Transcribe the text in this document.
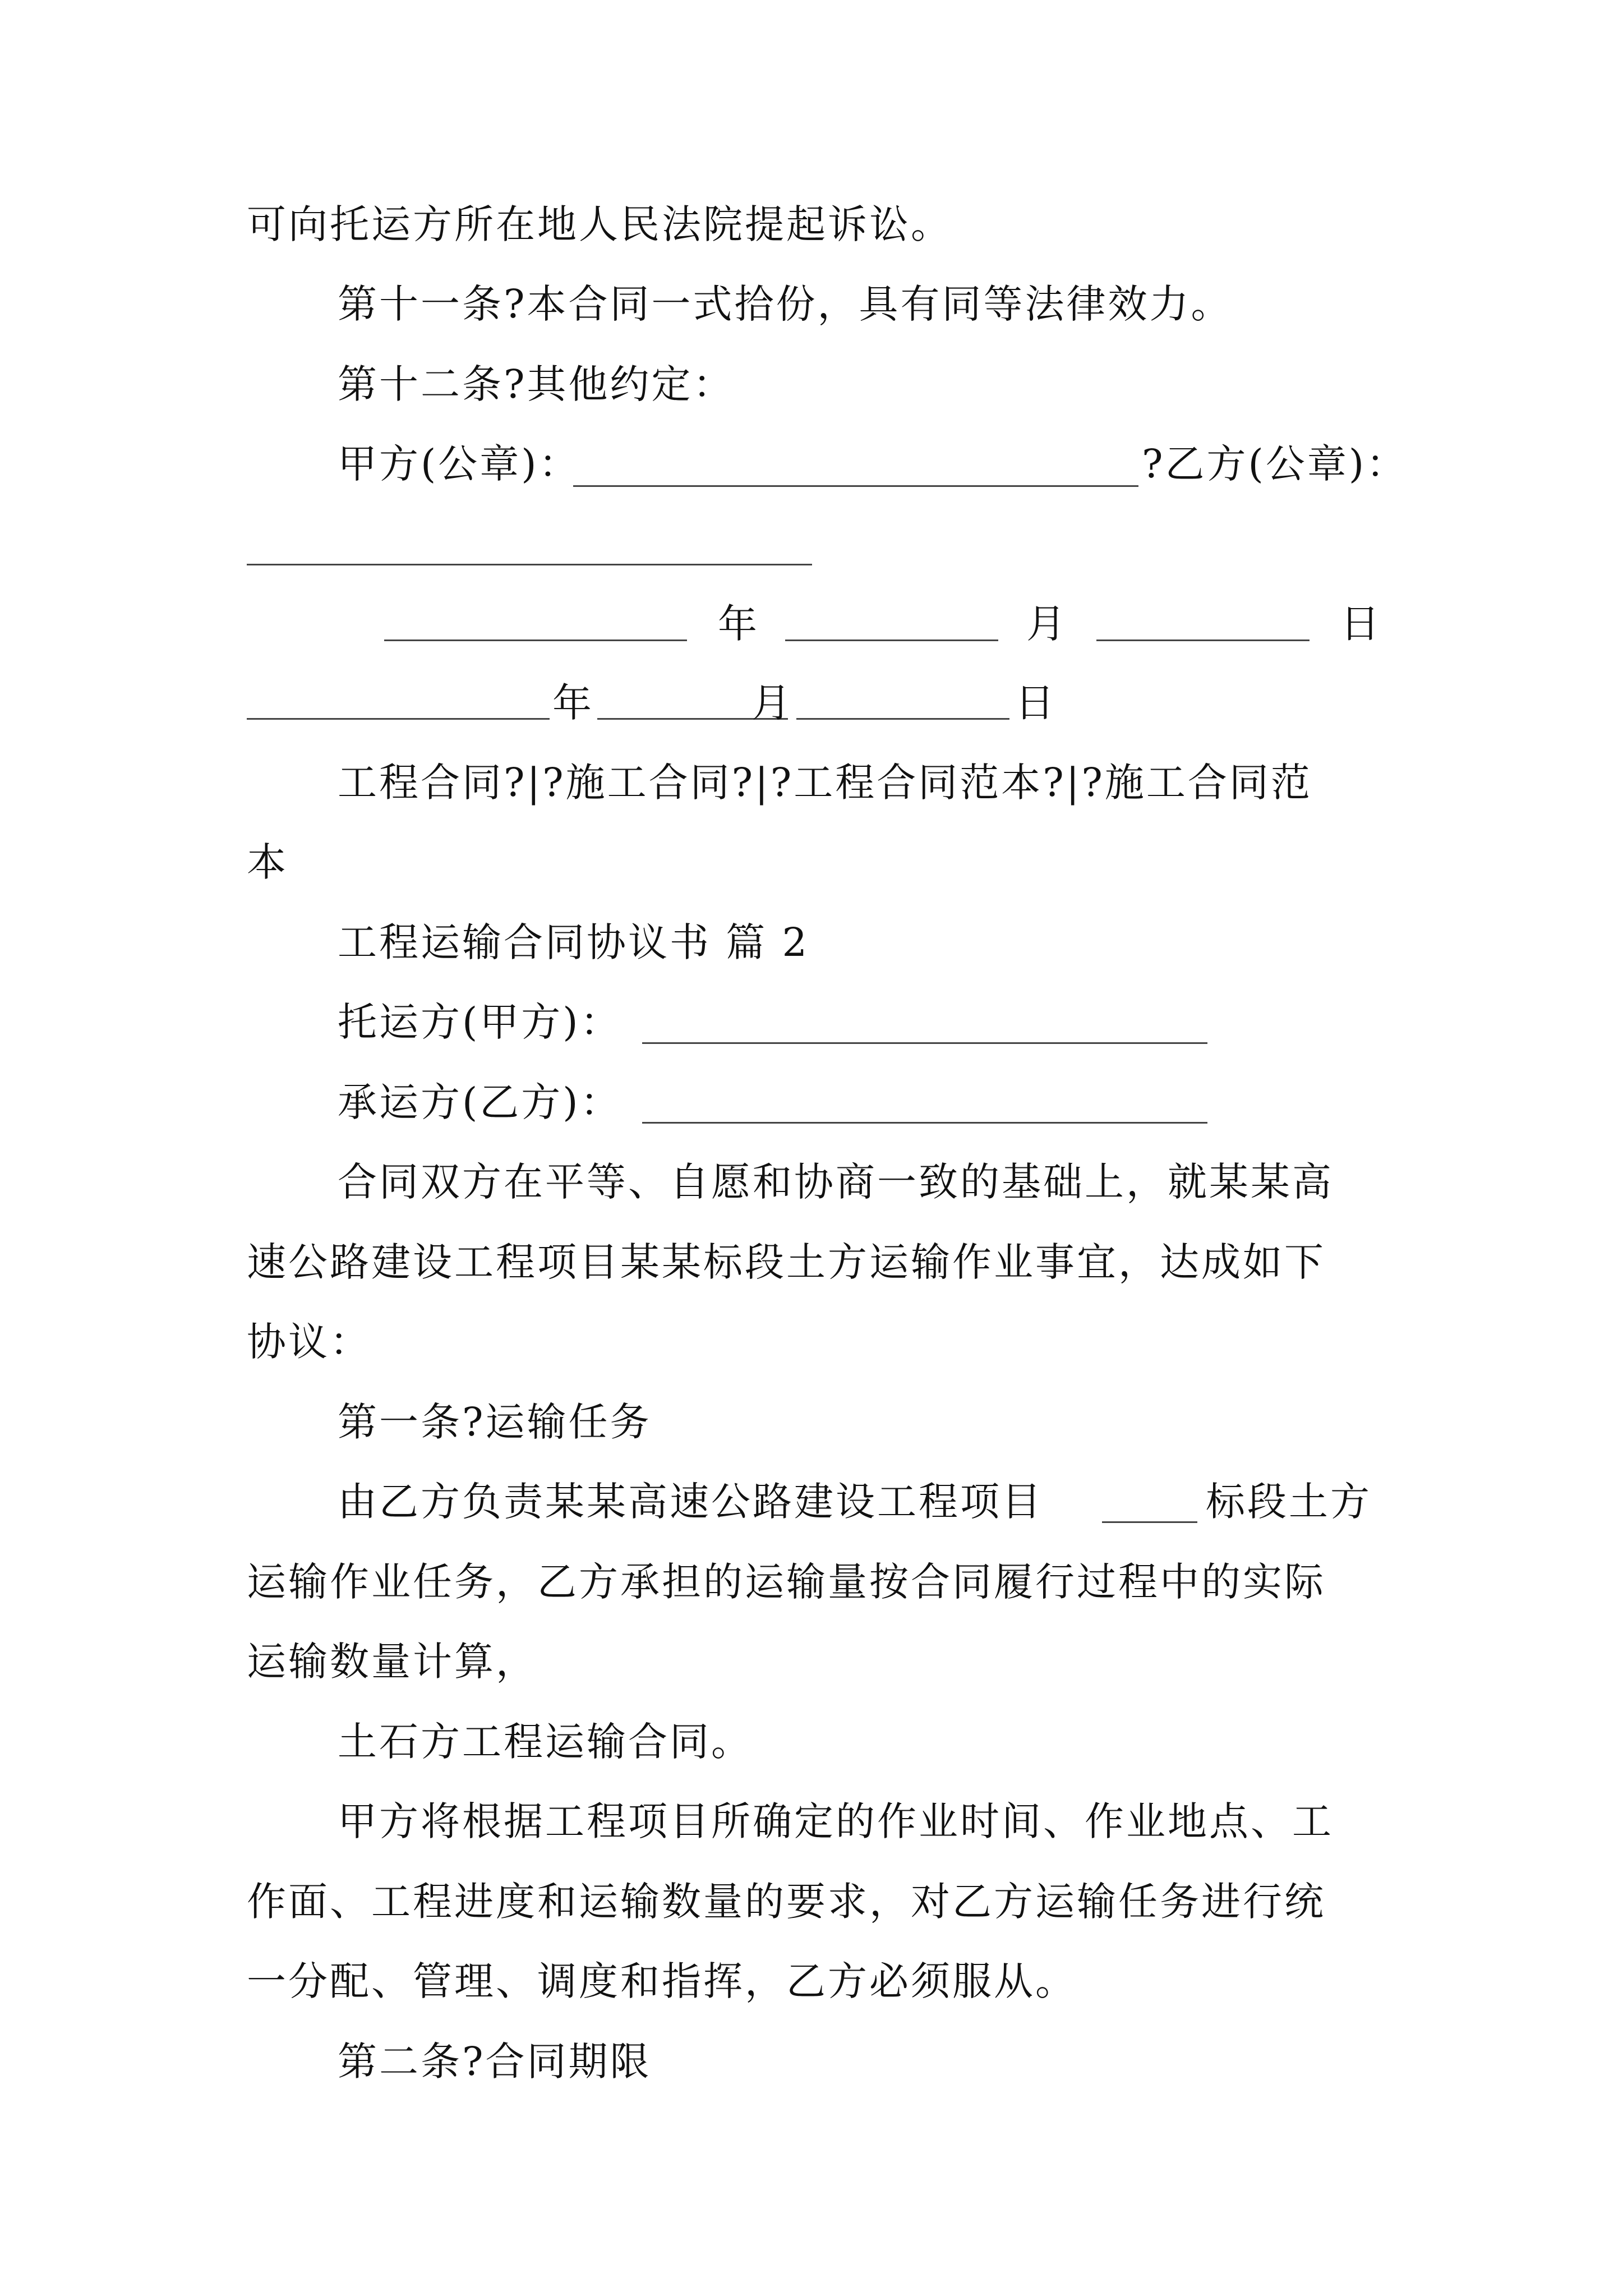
可向托运方所在地人民法院提起诉讼。
第十一条?本合同一式拾份，具有同等法律效力。
第十二条?其他约定：
甲方(公章)：	?乙方(公章)：
年	月	日
年	月	日
工程合同?|?施工合同?|?工程合同范本?|?施工合同范
本
工程运输合同协议书 篇 2
托运方(甲方)：
承运方(乙方)：
合同双方在平等、自愿和协商一致的基础上，就某某高
速公路建设工程项目某某标段土方运输作业事宜，达成如下
协议：
第一条?运输任务
由乙方负责某某高速公路建设工程项目	标段土方
运输作业任务，乙方承担的运输量按合同履行过程中的实际
运输数量计算，
土石方工程运输合同。
甲方将根据工程项目所确定的作业时间、作业地点、工
作面、工程进度和运输数量的要求，对乙方运输任务进行统
一分配、管理、调度和指挥，乙方必须服从。
第二条?合同期限
